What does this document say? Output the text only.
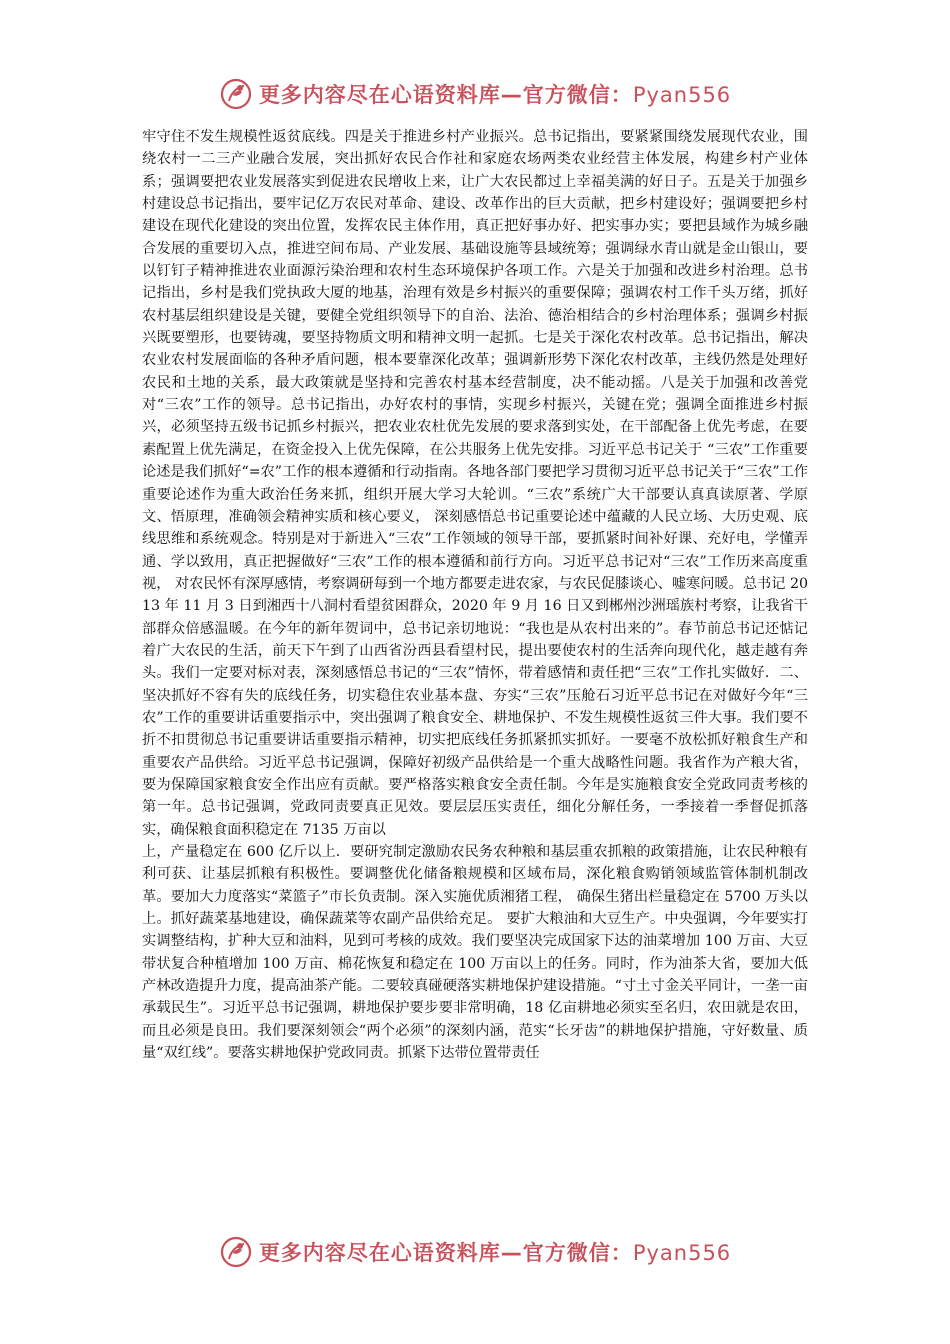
更多内容尽在心语资料库—官方微信：Pyan556

牢守住不发生规模性返贫底线。四是关于推进乡村产业振兴。总书记指出，要紧紧围绕发展现代农业，围绕农村一二三产业融合发展，突出抓好农民合作社和家庭农场两类农业经营主体发展，构建乡村产业体系；强调要把农业发展落实到促进农民增收上来，让广大农民都过上幸福美满的好日子。五是关于加强乡村建设总书记指出，要牢记亿万农民对革命、建设、改革作出的巨大贡献，把乡村建设好；强调要把乡村建设在现代化建设的突出位置，发挥农民主体作用，真正把好事办好、把实事办实；要把县域作为城乡融合发展的重要切入点，推进空间布局、产业发展、基础设施等县域统筹；强调绿水青山就是金山银山，要以钉钉子精神推进农业面源污染治理和农村生态环境保护各项工作。六是关于加强和改进乡村治理。总书记指出，乡村是我们党执政大厦的地基，治理有效是乡村振兴的重要保障；强调农村工作千头万绪，抓好农村基层组织建设是关键，要健全党组织领导下的自治、法治、德治相结合的乡村治理体系；强调乡村振兴既要塑形，也要铸魂，要坚持物质文明和精神文明一起抓。七是关于深化农村改革。总书记指出，解决农业农村发展面临的各种矛盾问题，根本要靠深化改革；强调新形势下深化农村改革，主线仍然是处理好农民和土地的关系，最大政策就是坚持和完善农村基本经营制度，决不能动摇。八是关于加强和改善党对“三农”工作的领导。总书记指出，办好农村的事情，实现乡村振兴，关键在党；强调全面推进乡村振兴，必须坚持五级书记抓乡村振兴，把农业农杜优先发展的要求落到实处，在干部配备上优先考虑，在要素配置上优先满足，在资金投入上优先保障，在公共服务上优先安排。习近平总书记关于 “三农”工作重要论述是我们抓好“=农”工作的根本遵循和行动指南。各地各部门要把学习贯彻习近平总书记关于“三农”工作重要论述作为重大政治任务来抓，组织开展大学习大轮训。“三农”系统广大干部要认真真读原著、学原文、悟原理，准确领会精神实质和核心要义， 深刻感悟总书记重要论述中蕴藏的人民立场、大历史观、底线思维和系统观念。特别是对于新进入“三农”工作领域的领导干部，要抓紧时间补好课、充好电，学懂弄通、学以致用，真正把握做好“三农”工作的根本遵循和前行方向。习近平总书记对“三农”工作历来高度重视， 对农民怀有深厚感情，考察调研每到一个地方都要走进农家，与农民促膝谈心、嘘寒问暖。总书记 2013 年 11 月 3 日到湘西十八洞村看望贫困群众，2020 年 9 月 16 日又到郴州沙洲瑶族村考察，让我省干部群众倍感温暖。在今年的新年贺词中，总书记亲切地说：“我也是从农村出来的”。春节前总书记还惦记着广大农民的生活，前天下午到了山西省汾西县看望村民，提出要使农村的生活奔向现代化，越走越有奔头。我们一定要对标对表，深刻感悟总书记的“三农”情怀，带着感情和责任把“三农”工作扎实做好．二、坚决抓好不容有失的底线任务，切实稳住农业基本盘、夯实“三农”压舱石习近平总书记在对做好今年“三农”工作的重要讲话重要指示中，突出强调了粮食安全、耕地保护、不发生规模性返贫三件大事。我们要不折不扣贯彻总书记重要讲话重要指示精神，切实把底线任务抓紧抓实抓好。一要毫不放松抓好粮食生产和重要农产品供给。习近平总书记强调，保障好初级产品供给是一个重大战略性问题。我省作为产粮大省，要为保障国家粮食安全作出应有贡献。要严格落实粮食安全责任制。今年是实施粮食安全党政同责考核的第一年。总书记强调，党政同责要真正见效。要层层压实责任，细化分解任务，一季接着一季督促抓落实，确保粮食面积稳定在 7135 万亩以

上，产量稳定在 600 亿斤以上．要研究制定激励农民务农种粮和基层重农抓粮的政策措施，让农民种粮有利可获、让基层抓粮有积极性。要调整优化储备粮规模和区域布局，深化粮食购销领域监管体制机制改革。要加大力度落实“菜篮子”市长负责制。深入实施优质湘猪工程， 确保生猪出栏量稳定在 5700 万头以上。抓好蔬菜基地建设，确保蔬菜等农副产品供给充足。 要扩大粮油和大豆生产。中央强调，今年要实打实调整结构，扩种大豆和油料，见到可考核的成效。我们要坚决完成国家下达的油菜增加 100 万亩、大豆带状复合种植增加 100 万亩、棉花恢复和稳定在 100 万亩以上的任务。同时，作为油茶大省，要加大低产林改造提升力度，提高油茶产能。二要较真碰硬落实耕地保护建设措施。“寸土寸金关平同计，一垄一亩承载民生”。习近平总书记强调，耕地保护要步要非常明确，18 亿亩耕地必须实至名归，农田就是农田，而且必须是良田。我们要深刻领会“两个必须”的深刻内涵，范实“长牙齿”的耕地保护措施，守好数量、质量“双红线”。要落实耕地保护党政同责。抓紧下达带位置带责任

更多内容尽在心语资料库—官方微信：Pyan556
